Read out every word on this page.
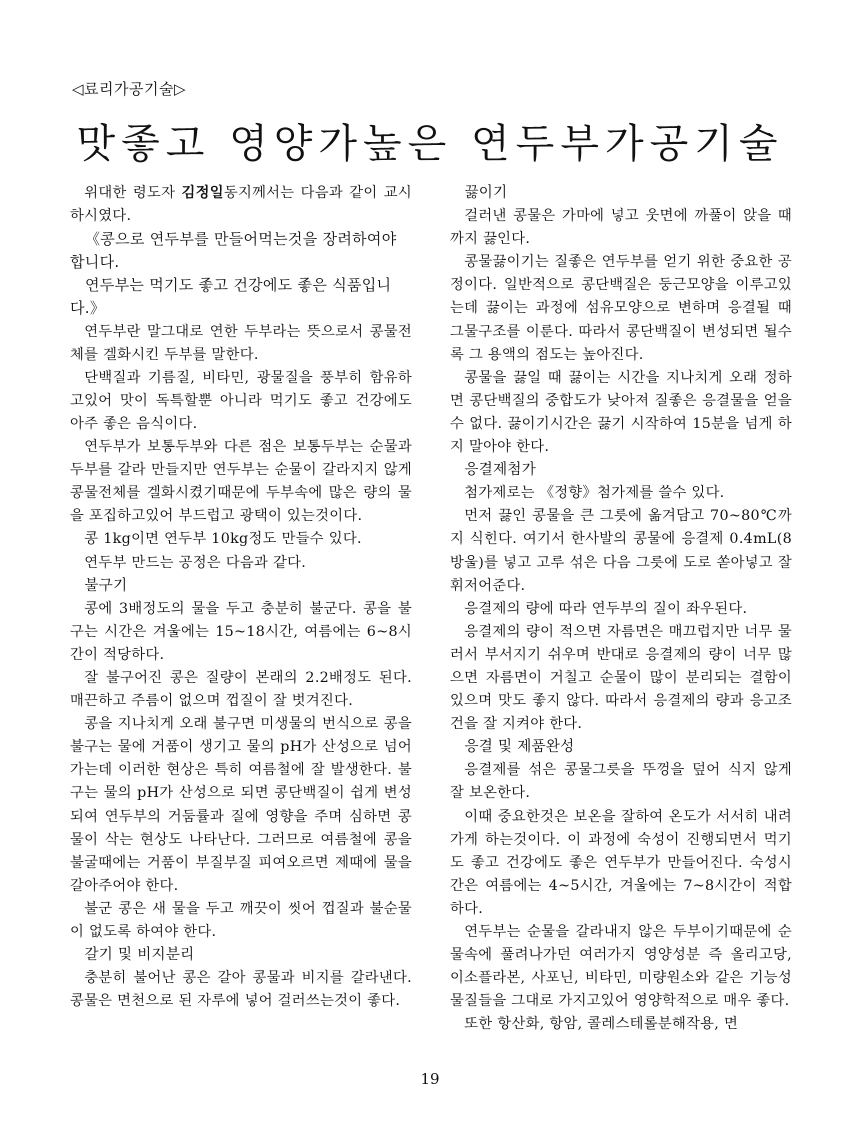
◁료리가공기술▷
맛좋고 영양가높은 연두부가공기술

위대한 령도자 김정일동지께서는 다음과 같이 교시하시였다.

《콩으로 연두부를 만들어먹는것을 장려하여야 합니다.

연두부는 먹기도 좋고 건강에도 좋은 식품입니다.》

연두부란 말그대로 연한 두부라는 뜻으로서 콩물전체를 겔화시킨 두부를 말한다.

단백질과 기름질, 비타민, 광물질을 풍부히 함유하고있어 맛이 독특할뿐 아니라 먹기도 좋고 건강에도 아주 좋은 음식이다.

연두부가 보통두부와 다른 점은 보통두부는 순물과 두부를 갈라 만들지만 연두부는 순물이 갈라지지 않게 콩물전체를 겔화시켰기때문에 두부속에 많은 량의 물을 포집하고있어 부드럽고 광택이 있는것이다.

콩 1kg이면 연두부 10kg정도 만들수 있다.

연두부 만드는 공정은 다음과 같다.

불구기

콩에 3배정도의 물을 두고 충분히 불군다. 콩을 불구는 시간은 겨울에는 15~18시간, 여름에는 6~8시간이 적당하다.

잘 불구어진 콩은 질량이 본래의 2.2배정도 된다. 매끈하고 주름이 없으며 껍질이 잘 벗겨진다.

콩을 지나치게 오래 불구면 미생물의 번식으로 콩을 불구는 물에 거품이 생기고 물의 pH가 산성으로 넘어가는데 이러한 현상은 특히 여름철에 잘 발생한다. 불구는 물의 pH가 산성으로 되면 콩단백질이 쉽게 변성되여 연두부의 거둠률과 질에 영향을 주며 심하면 콩물이 삭는 현상도 나타난다. 그러므로 여름철에 콩을 불굴때에는 거품이 부질부질 피여오르면 제때에 물을 갈아주어야 한다.

불군 콩은 새 물을 두고 깨끗이 씻어 껍질과 불순물이 없도록 하여야 한다.

갈기 및 비지분리

충분히 불어난 콩은 갈아 콩물과 비지를 갈라낸다. 콩물은 면천으로 된 자루에 넣어 걸러쓰는것이 좋다.

끓이기

걸러낸 콩물은 가마에 넣고 웃면에 까풀이 앉을 때까지 끓인다.

콩물끓이기는 질좋은 연두부를 얻기 위한 중요한 공정이다. 일반적으로 콩단백질은 둥근모양을 이루고있는데 끓이는 과정에 섬유모양으로 변하며 응결될 때 그물구조를 이룬다. 따라서 콩단백질이 변성되면 될수록 그 용액의 점도는 높아진다.

콩물을 끓일 때 끓이는 시간을 지나치게 오래 정하면 콩단백질의 중합도가 낮아져 질좋은 응결물을 얻을수 없다. 끓이기시간은 끓기 시작하여 15분을 넘게 하지 말아야 한다.

응결제첨가

첨가제로는 《정향》첨가제를 쓸수 있다.

먼저 끓인 콩물을 큰 그릇에 옮겨담고 70~80℃까지 식힌다. 여기서 한사발의 콩물에 응결제 0.4mL(8방울)를 넣고 고루 섞은 다음 그릇에 도로 쏟아넣고 잘 휘저어준다.

응결제의 량에 따라 연두부의 질이 좌우된다.

응결제의 량이 적으면 자름면은 매끄럽지만 너무 물러서 부서지기 쉬우며 반대로 응결제의 량이 너무 많으면 자름면이 거칠고 순물이 많이 분리되는 결함이 있으며 맛도 좋지 않다. 따라서 응결제의 량과 응고조건을 잘 지켜야 한다.

응결 및 제품완성

응결제를 섞은 콩물그릇을 뚜껑을 덮어 식지 않게 잘 보온한다.

이때 중요한것은 보온을 잘하여 온도가 서서히 내려가게 하는것이다. 이 과정에 숙성이 진행되면서 먹기도 좋고 건강에도 좋은 연두부가 만들어진다. 숙성시간은 여름에는 4~5시간, 겨울에는 7~8시간이 적합하다.

연두부는 순물을 갈라내지 않은 두부이기때문에 순물속에 풀려나가던 여러가지 영양성분 즉 올리고당, 이소플라본, 사포닌, 비타민, 미량원소와 같은 기능성물질들을 그대로 가지고있어 영양학적으로 매우 좋다.

또한 항산화, 항암, 콜레스테롤분해작용, 면

19
